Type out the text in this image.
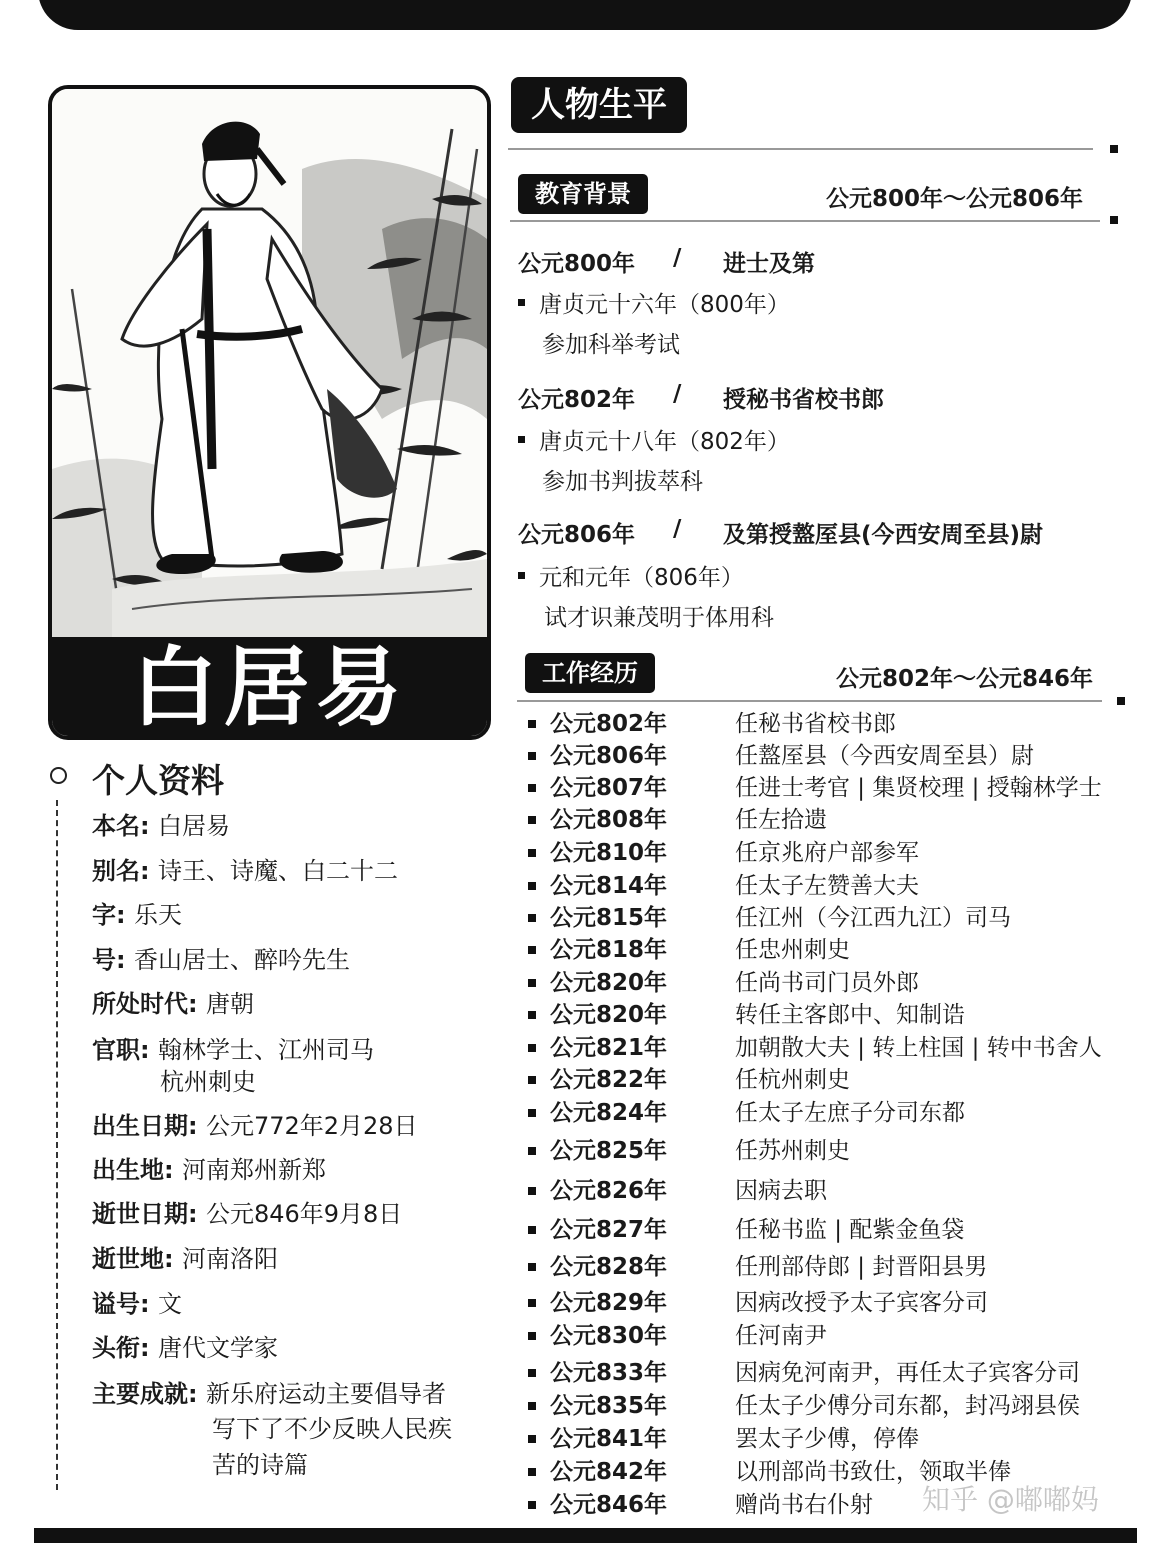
白居易
个人资料
本名: 白居易
别名: 诗王、诗魔、白二十二
字: 乐天
号: 香山居士、醉吟先生
所处时代: 唐朝
官职: 翰林学士、江州司马
杭州刺史
出生日期: 公元772年2月28日
出生地: 河南郑州新郑
逝世日期: 公元846年9月8日
逝世地: 河南洛阳
谥号: 文
头衔: 唐代文学家
主要成就: 新乐府运动主要倡导者
写下了不少反映人民疾
苦的诗篇
人物生平
教育背景	公元800年～公元806年
公元800年 / 进士及第
唐贞元十六年（800年）
参加科举考试
公元802年 / 授秘书省校书郎
唐贞元十八年（802年）
参加书判拔萃科
公元806年 / 及第授盩厔县(今西安周至县)尉
元和元年（806年）
试才识兼茂明于体用科
工作经历	公元802年～公元846年
公元802年	任秘书省校书郎
公元806年	任盩厔县（今西安周至县）尉
公元807年	任进士考官 | 集贤校理 | 授翰林学士
公元808年	任左拾遗
公元810年	任京兆府户部参军
公元814年	任太子左赞善大夫
公元815年	任江州（今江西九江）司马
公元818年	任忠州刺史
公元820年	任尚书司门员外郎
公元820年	转任主客郎中、知制诰
公元821年	加朝散大夫 | 转上柱国 | 转中书舍人
公元822年	任杭州刺史
公元824年	任太子左庶子分司东都
公元825年	任苏州刺史
公元826年	因病去职
公元827年	任秘书监 | 配紫金鱼袋
公元828年	任刑部侍郎 | 封晋阳县男
公元829年	因病改授予太子宾客分司
公元830年	任河南尹
公元833年	因病免河南尹，再任太子宾客分司
公元835年	任太子少傅分司东都，封冯翊县侯
公元841年	罢太子少傅，停俸
公元842年	以刑部尚书致仕，领取半俸
公元846年	赠尚书右仆射 知乎 @嘟嘟妈
